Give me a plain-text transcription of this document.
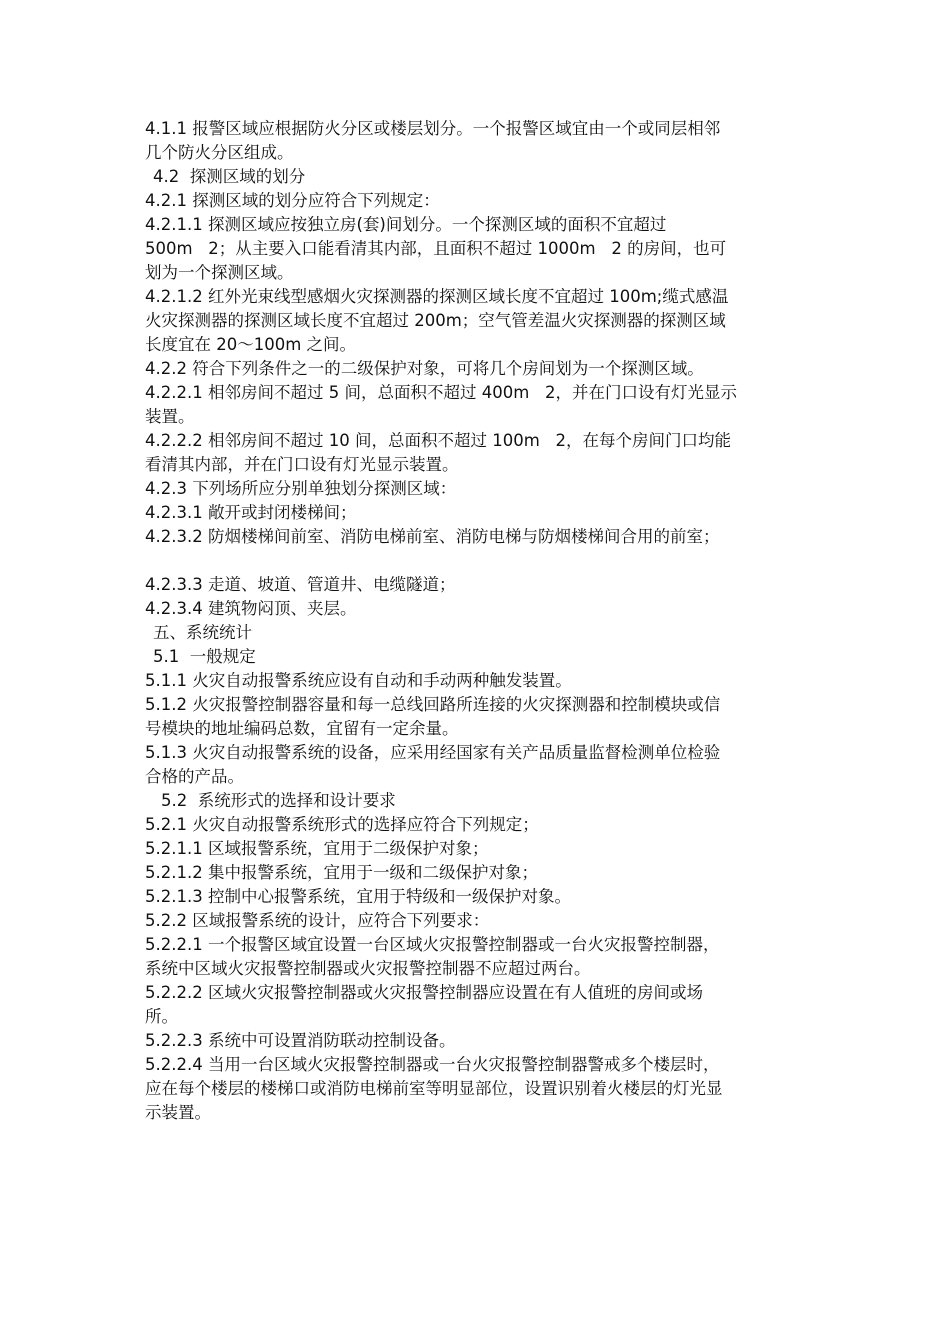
4.1.1 报警区域应根据防火分区或楼层划分。一个报警区域宜由一个或同层相邻
几个防火分区组成。
4.2  探测区域的划分
4.2.1 探测区域的划分应符合下列规定：
4.2.1.1 探测区域应按独立房(套)间划分。一个探测区域的面积不宜超过
500m   2；从主要入口能看清其内部，且面积不超过 1000m   2 的房间，也可
划为一个探测区域。
4.2.1.2 红外光束线型感烟火灾探测器的探测区域长度不宜超过 100m;缆式感温
火灾探测器的探测区域长度不宜超过 200m；空气管差温火灾探测器的探测区域
长度宜在 20～100m 之间。
4.2.2 符合下列条件之一的二级保护对象，可将几个房间划为一个探测区域。
4.2.2.1 相邻房间不超过 5 间，总面积不超过 400m   2，并在门口设有灯光显示
装置。
4.2.2.2 相邻房间不超过 10 间，总面积不超过 100m   2，在每个房间门口均能
看清其内部，并在门口设有灯光显示装置。
4.2.3 下列场所应分别单独划分探测区域：
4.2.3.1 敞开或封闭楼梯间；
4.2.3.2 防烟楼梯间前室、消防电梯前室、消防电梯与防烟楼梯间合用的前室；
4.2.3.3 走道、坡道、管道井、电缆隧道；
4.2.3.4 建筑物闷顶、夹层。
五、系统统计
5.1  一般规定
5.1.1 火灾自动报警系统应设有自动和手动两种触发装置。
5.1.2 火灾报警控制器容量和每一总线回路所连接的火灾探测器和控制模块或信
号模块的地址编码总数，宜留有一定余量。
5.1.3 火灾自动报警系统的设备，应采用经国家有关产品质量监督检测单位检验
合格的产品。
5.2  系统形式的选择和设计要求
5.2.1 火灾自动报警系统形式的选择应符合下列规定；
5.2.1.1 区域报警系统，宜用于二级保护对象；
5.2.1.2 集中报警系统，宜用于一级和二级保护对象；
5.2.1.3 控制中心报警系统，宜用于特级和一级保护对象。
5.2.2 区域报警系统的设计，应符合下列要求：
5.2.2.1 一个报警区域宜设置一台区域火灾报警控制器或一台火灾报警控制器，
系统中区域火灾报警控制器或火灾报警控制器不应超过两台。
5.2.2.2 区域火灾报警控制器或火灾报警控制器应设置在有人值班的房间或场
所。
5.2.2.3 系统中可设置消防联动控制设备。
5.2.2.4 当用一台区域火灾报警控制器或一台火灾报警控制器警戒多个楼层时，
应在每个楼层的楼梯口或消防电梯前室等明显部位，设置识别着火楼层的灯光显
示装置。
